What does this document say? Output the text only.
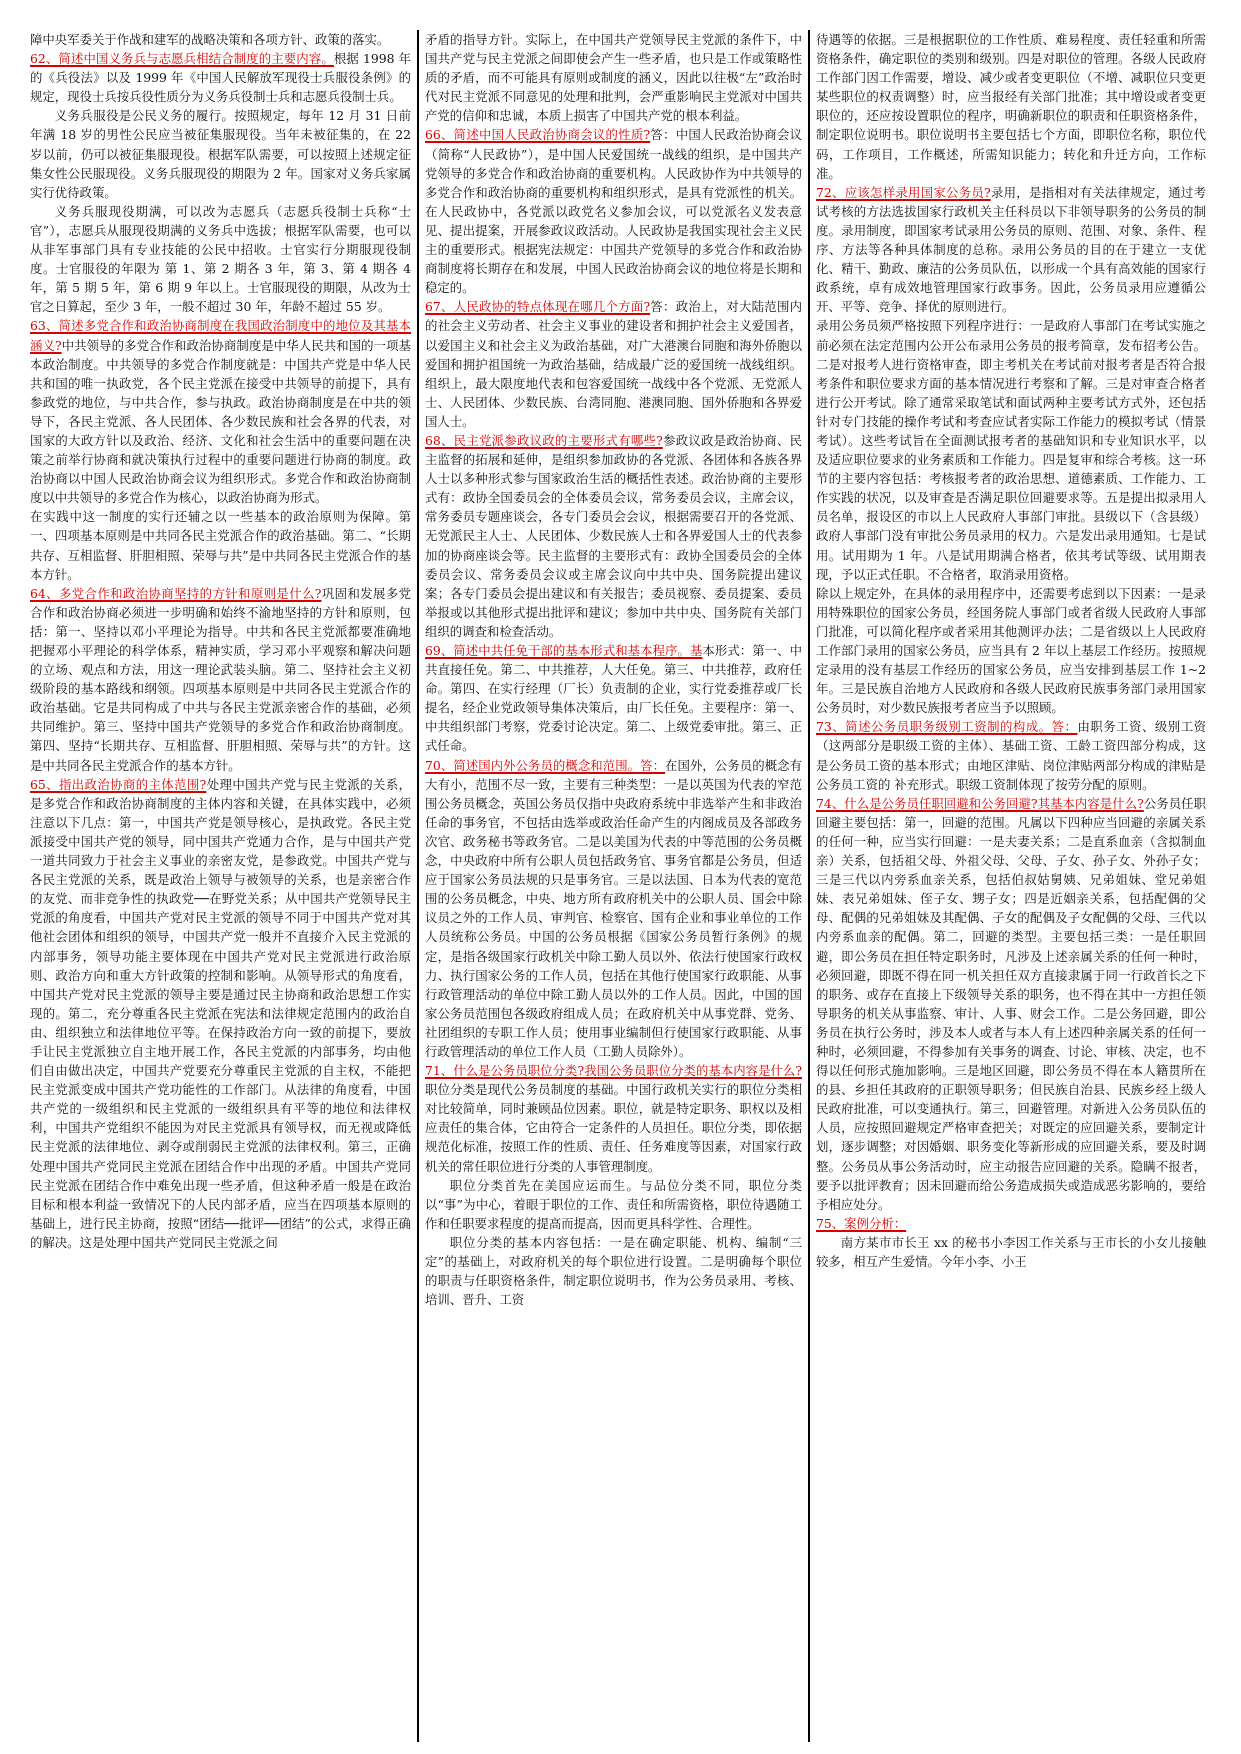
障中央军委关于作战和建军的战略决策和各项方针、政策的落实。

62、简述中国义务兵与志愿兵相结合制度的主要内容。根据 1998 年的《兵役法》以及 1999 年《中国人民解放军现役士兵服役条例》的规定，现役士兵按兵役性质分为义务兵役制士兵和志愿兵役制士兵。

义务兵服役是公民义务的履行。按照规定，每年 12 月 31 日前年满 18 岁的男性公民应当被征集服现役。当年未被征集的，在 22 岁以前，仍可以被征集服现役。根据军队需要，可以按照上述规定征集女性公民服现役。义务兵服现役的期限为 2 年。国家对义务兵家属实行优待政策。

义务兵服现役期满，可以改为志愿兵（志愿兵役制士兵称“士官”），志愿兵从服现役期满的义务兵中选拔；根据军队需要，也可以从非军事部门具有专业技能的公民中招收。士官实行分期服现役制度。士官服役的年限为 第 1、第 2 期各 3 年，第 3、第 4 期各 4 年，第 5 期 5 年，第 6 期 9 年以上。士官服现役的期限，从改为士官之日算起，至少 3 年，一般不超过 30 年，年龄不超过 55 岁。

63、简述多党合作和政治协商制度在我国政治制度中的地位及其基本涵义?中共领导的多党合作和政治协商制度是中华人民共和国的一项基本政治制度。中共领导的多党合作制度就是：中国共产党是中华人民共和国的唯一执政党，各个民主党派在接受中共领导的前提下，具有参政党的地位，与中共合作，参与执政。政治协商制度是在中共的领导下，各民主党派、各人民团体、各少数民族和社会各界的代表，对国家的大政方针以及政治、经济、文化和社会生活中的重要问题在决策之前举行协商和就决策执行过程中的重要问题进行协商的制度。政治协商以中国人民政治协商会议为组织形式。多党合作和政治协商制度以中共领导的多党合作为核心，以政治协商为形式。

在实践中这一制度的实行还辅之以一些基本的政治原则为保障。第一、四项基本原则是中共同各民主党派合作的政治基础。第二、“长期共存、互相监督、肝胆相照、荣辱与共”是中共同各民主党派合作的基本方针。

64、多党合作和政治协商坚持的方针和原则是什么?巩固和发展多党合作和政治协商必须进一步明确和始终不渝地坚持的方针和原则，包括：第一、坚持以邓小平理论为指导。中共和各民主党派都要准确地把握邓小平理论的科学体系，精神实质，学习邓小平观察和解决问题的立场、观点和方法，用这一理论武装头脑。第二、坚持社会主义初级阶段的基本路线和纲领。四项基本原则是中共同各民主党派合作的政治基础。它是共同构成了中共与各民主党派亲密合作的基础，必须共同维护。第三、坚持中国共产党领导的多党合作和政治协商制度。第四、坚持“长期共存、互相监督、肝胆相照、荣辱与共”的方针。这是中共同各民主党派合作的基本方针。

65、指出政治协商的主体范围?处理中国共产党与民主党派的关系，是多党合作和政治协商制度的主体内容和关键，在具体实践中，必须注意以下几点：第一，中国共产党是领导核心，是执政党。各民主党派接受中国共产党的领导，同中国共产党通力合作，是与中国共产党一道共同致力于社会主义事业的亲密友党，是参政党。中国共产党与各民主党派的关系，既是政治上领导与被领导的关系，也是亲密合作的友党、而非竞争性的执政党──在野党关系；从中国共产党领导民主党派的角度看，中国共产党对民主党派的领导不同于中国共产党对其他社会团体和组织的领导，中国共产党一般并不直接介入民主党派的内部事务，领导功能主要体现在中国共产党对民主党派进行政治原则、政治方向和重大方针政策的控制和影响。从领导形式的角度看，中国共产党对民主党派的领导主要是通过民主协商和政治思想工作实现的。第二，充分尊重各民主党派在宪法和法律规定范围内的政治自由、组织独立和法律地位平等。在保持政治方向一致的前提下，要放手让民主党派独立自主地开展工作，各民主党派的内部事务，均由他们自由做出决定，中国共产党要充分尊重民主党派的自主权，不能把民主党派变成中国共产党功能性的工作部门。从法律的角度看，中国共产党的一级组织和民主党派的一级组织具有平等的地位和法律权利，中国共产党组织不能因为对民主党派具有领导权，而无视或降低民主党派的法律地位、剥夺或削弱民主党派的法律权利。第三，正确处理中国共产党同民主党派在团结合作中出现的矛盾。中国共产党同民主党派在团结合作中难免出现一些矛盾，但这种矛盾一般是在政治目标和根本利益一致情况下的人民内部矛盾，应当在四项基本原则的基础上，进行民主协商，按照“团结──批评──团结”的公式，求得正确的解决。这是处理中国共产党同民主党派之间

矛盾的指导方针。实际上，在中国共产党领导民主党派的条件下，中国共产党与民主党派之间即使会产生一些矛盾，也只是工作或策略性质的矛盾，而不可能具有原则或制度的涵义，因此以往极“左”政治时代对民主党派不同意见的处理和批判，会严重影响民主党派对中国共产党的信仰和忠诚，本质上损害了中国共产党的根本利益。

66、简述中国人民政治协商会议的性质?答：中国人民政治协商会议（简称“人民政协”），是中国人民爱国统一战线的组织，是中国共产党领导的多党合作和政治协商的重要机构。人民政协作为中共领导的多党合作和政治协商的重要机构和组织形式，是具有党派性的机关。在人民政协中，各党派以政党名义参加会议，可以党派名义发表意见、提出提案，开展参政议政活动。人民政协是我国实现社会主义民主的重要形式。根据宪法规定：中国共产党领导的多党合作和政治协商制度将长期存在和发展，中国人民政治协商会议的地位将是长期和稳定的。

67、人民政协的特点体现在哪几个方面?答：政治上，对大陆范围内的社会主义劳动者、社会主义事业的建设者和拥护社会主义爱国者，以爱国主义和社会主义为政治基础，对广大港澳台同胞和海外侨胞以爱国和拥护祖国统一为政治基础，结成最广泛的爱国统一战线组织。组织上，最大限度地代表和包容爱国统一战线中各个党派、无党派人士、人民团体、少数民族、台湾同胞、港澳同胞、国外侨胞和各界爱国人士。

68、民主党派参政议政的主要形式有哪些?参政议政是政治协商、民主监督的拓展和延伸，是组织参加政协的各党派、各团体和各族各界人士以多种形式参与国家政治生活的概括性表述。政治协商的主要形式有：政协全国委员会的全体委员会议，常务委员会议，主席会议，常务委员专题座谈会，各专门委员会会议，根据需要召开的各党派、无党派民主人士、人民团体、少数民族人士和各界爱国人士的代表参加的协商座谈会等。民主监督的主要形式有：政协全国委员会的全体委员会议、常务委员会议或主席会议向中共中央、国务院提出建议案；各专门委员会提出建议和有关报告；委员视察、委员提案、委员举报或以其他形式提出批评和建议；参加中共中央、国务院有关部门组织的调查和检查活动。

69、简述中共任免干部的基本形式和基本程序。基本形式：第一、中共直接任免。第二、中共推荐，人大任免。第三、中共推荐，政府任命。第四、在实行经理（厂长）负责制的企业，实行党委推荐或厂长提名，经企业党政领导集体决策后，由厂长任免。主要程序：第一、中共组织部门考察，党委讨论决定。第二、上级党委审批。第三、正式任命。

70、简述国内外公务员的概念和范围。答：在国外，公务员的概念有大有小，范围不尽一致，主要有三种类型：一是以英国为代表的窄范围公务员概念，英国公务员仅指中央政府系统中非选举产生和非政治任命的事务官，不包括由选举或政治任命产生的内阁成员及各部政务次官、政务秘书等政务官。二是以美国为代表的中等范围的公务员概念，中央政府中所有公职人员包括政务官、事务官都是公务员，但适应于国家公务员法规的只是事务官。三是以法国、日本为代表的宽范围的公务员概念，中央、地方所有政府机关中的公职人员、国会中除议员之外的工作人员、审判官、检察官、国有企业和事业单位的工作人员统称公务员。中国的公务员根据《国家公务员暂行条例》的规定，是指各级国家行政机关中除工勤人员以外、依法行使国家行政权力、执行国家公务的工作人员，包括在其他行使国家行政职能、从事行政管理活动的单位中除工勤人员以外的工作人员。因此，中国的国家公务员范围包各级政府组成人员；在政府机关中从事党群、党务、社团组织的专职工作人员；使用事业编制但行使国家行政职能、从事行政管理活动的单位工作人员（工勤人员除外）。

71、什么是公务员职位分类?我国公务员职位分类的基本内容是什么?职位分类是现代公务员制度的基础。中国行政机关实行的职位分类相对比较简单，同时兼顾品位因素。职位，就是特定职务、职权以及相应责任的集合体，它由符合一定条件的人员担任。职位分类，即依据规范化标准，按照工作的性质、责任、任务难度等因素，对国家行政机关的常任职位进行分类的人事管理制度。

职位分类首先在美国应运而生。与品位分类不同，职位分类以“事”为中心，着眼于职位的工作、责任和所需资格，职位待遇随工作和任职要求程度的提高而提高，因而更具科学性、合理性。

职位分类的基本内容包括：一是在确定职能、机构、编制“三定”的基础上，对政府机关的每个职位进行设置。二是明确每个职位的职责与任职资格条件，制定职位说明书，作为公务员录用、考核、培训、晋升、工资

待遇等的依据。三是根据职位的工作性质、难易程度、责任轻重和所需资格条件，确定职位的类别和级别。四是对职位的管理。各级人民政府工作部门因工作需要，增设、减少或者变更职位（不增、减职位只变更某些职位的权责调整）时，应当报经有关部门批准；其中增设或者变更职位的，还应按设置职位的程序，明确新职位的职责和任职资格条件，制定职位说明书。职位说明书主要包括七个方面，即职位名称，职位代码，工作项目，工作概述，所需知识能力；转化和升迁方向，工作标准。

72、应该怎样录用国家公务员?录用，是指相对有关法律规定，通过考试考核的方法选拔国家行政机关主任科员以下非领导职务的公务员的制度。录用制度，即国家考试录用公务员的原则、范围、对象、条件、程序、方法等各种具体制度的总称。录用公务员的目的在于建立一支优化、精干、勤政、廉洁的公务员队伍，以形成一个具有高效能的国家行政系统，卓有成效地管理国家行政事务。因此，公务员录用应遵循公开、平等、竞争、择优的原则进行。

录用公务员须严格按照下列程序进行：一是政府人事部门在考试实施之前必须在法定范围内公开公布录用公务员的报考简章，发布招考公告。二是对报考人进行资格审查，即主考机关在考试前对报考者是否符合报考条件和职位要求方面的基本情况进行考察和了解。三是对审查合格者进行公开考试。除了通常采取笔试和面试两种主要考试方式外，还包括针对专门技能的操作考试和考查应试者实际工作能力的模拟考试（情景考试）。这些考试旨在全面测试报考者的基础知识和专业知识水平，以及适应职位要求的业务素质和工作能力。四是复审和综合考核。这一环节的主要内容包括：考核报考者的政治思想、道德素质、工作能力、工作实践的状况，以及审查是否满足职位回避要求等。五是提出拟录用人员名单，报设区的市以上人民政府人事部门审批。县级以下（含县级）政府人事部门没有审批公务员录用的权力。六是发出录用通知。七是试用。试用期为 1 年。八是试用期满合格者，依其考试等级、试用期表现，予以正式任职。不合格者，取消录用资格。

除以上规定外，在具体的录用程序中，还需要考虑到以下因素：一是录用特殊职位的国家公务员，经国务院人事部门或者省级人民政府人事部门批准，可以简化程序或者采用其他测评办法；二是省级以上人民政府工作部门录用的国家公务员，应当具有 2 年以上基层工作经历。按照规定录用的没有基层工作经历的国家公务员，应当安排到基层工作 1~2 年。三是民族自治地方人民政府和各级人民政府民族事务部门录用国家公务员时，对少数民族报考者应当予以照顾。

73、简述公务员职务级别工资制的构成。答：由职务工资、级别工资（这两部分是职级工资的主体）、基础工资、工龄工资四部分构成，这是公务员工资的基本形式；由地区津贴、岗位津贴两部分构成的津贴是公务员工资的 补充形式。职级工资制体现了按劳分配的原则。

74、什么是公务员任职回避和公务回避?其基本内容是什么?公务员任职回避主要包括：第一，回避的范围。凡属以下四种应当回避的亲属关系的任何一种，应当实行回避：一是夫妻关系；二是直系血亲（含拟制血亲）关系，包括祖父母、外祖父母、父母、子女、孙子女、外孙子女；三是三代以内旁系血亲关系，包括伯叔姑舅姨、兄弟姐妹、堂兄弟姐妹、表兄弟姐妹、侄子女、甥子女；四是近姻亲关系，包括配偶的父母、配偶的兄弟姐妹及其配偶、子女的配偶及子女配偶的父母、三代以内旁系血亲的配偶。第二，回避的类型。主要包括三类：一是任职回避，即公务员在担任特定职务时，凡涉及上述亲属关系的任何一种时，必须回避，即既不得在同一机关担任双方直接隶属于同一行政首长之下的职务、或存在直接上下级领导关系的职务，也不得在其中一方担任领导职务的机关从事监察、审计、人事、财会工作。二是公务回避，即公务员在执行公务时，涉及本人或者与本人有上述四种亲属关系的任何一种时，必须回避，不得参加有关事务的调查、讨论、审核、决定，也不得以任何形式施加影响。三是地区回避，即公务员不得在本人籍贯所在的县、乡担任其政府的正职领导职务；但民族自治县、民族乡经上级人民政府批准，可以变通执行。第三，回避管理。对新进入公务员队伍的人员，应按照回避规定严格审查把关；对既定的应回避关系，要制定计划，逐步调整；对因婚姻、职务变化等新形成的应回避关系，要及时调整。公务员从事公务活动时，应主动报告应回避的关系。隐瞒不报者，要予以批评教育；因未回避而给公务造成损失或造成恶劣影响的，要给予相应处分。

75、案例分析：

南方某市市长王 xx 的秘书小李因工作关系与王市长的小女儿接触较多，相互产生爱情。今年小李、小王
